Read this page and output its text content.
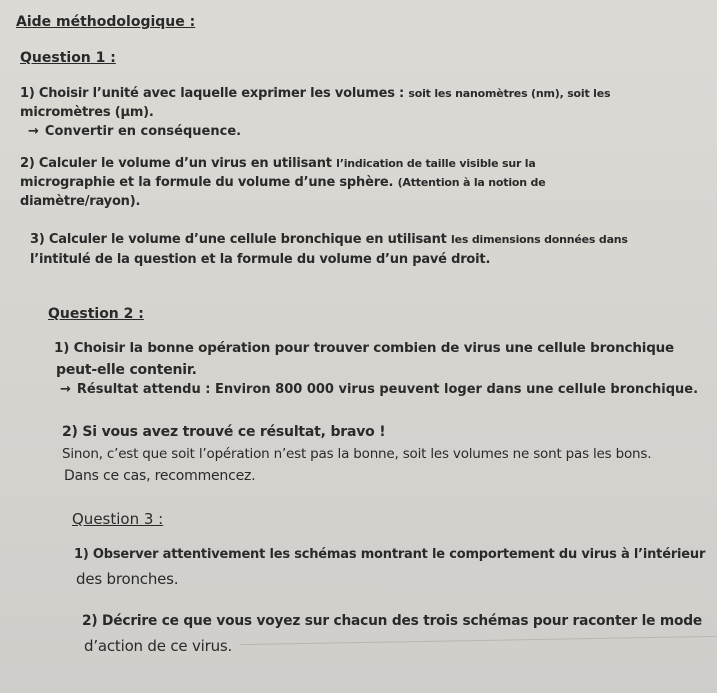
Aide méthodologique :
Question 1 :
1) Choisir l’unité avec laquelle exprimer les volumes : soit les nanomètres (nm), soit les
micromètres (µm).
→ Convertir en conséquence.
2) Calculer le volume d’un virus en utilisant l’indication de taille visible sur la
micrographie et la formule du volume d’une sphère. (Attention à la notion de
diamètre/rayon).
3) Calculer le volume d’une cellule bronchique en utilisant les dimensions données dans
l’intitulé de la question et la formule du volume d’un pavé droit.
Question 2 :
1) Choisir la bonne opération pour trouver combien de virus une cellule bronchique
peut-elle contenir.
→ Résultat attendu : Environ 800 000 virus peuvent loger dans une cellule bronchique.
2) Si vous avez trouvé ce résultat, bravo !
Sinon, c’est que soit l’opération n’est pas la bonne, soit les volumes ne sont pas les bons.
Dans ce cas, recommencez.
Question 3 :
1) Observer attentivement les schémas montrant le comportement du virus à l’intérieur
des bronches.
2) Décrire ce que vous voyez sur chacun des trois schémas pour raconter le mode
d’action de ce virus.
